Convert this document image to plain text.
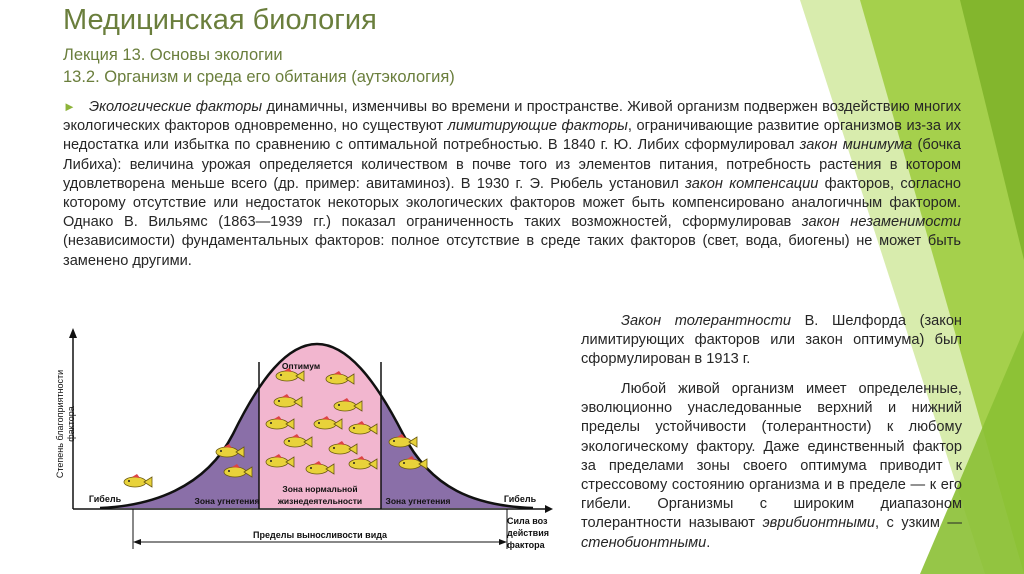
Медицинская биология
Лекция 13. Основы экологии
13.2. Организм и среда его обитания (аутэкология)

► Экологические факторы динамичны, изменчивы во времени и пространстве. Живой организм подвержен воздействию многих экологических факторов одновременно, но существуют лимитирующие факторы, ограничивающие развитие организмов из-за их недостатка или избытка по сравнению с оптимальной потребностью. В 1840 г. Ю. Либих сформулировал закон минимума (бочка Либиха): величина урожая определяется количеством в почве того из элементов питания, потребность растения в котором удовлетворена меньше всего (др. пример: авитаминоз). В 1930 г. Э. Рюбель установил закон компенсации факторов, согласно которому отсутствие или недостаток некоторых экологических факторов может быть компенсировано аналогичным фактором. Однако В. Вильямс (1863—1939 гг.) показал ограниченность таких возможностей, сформулировав закон незаменимости (независимости) фундаментальных факторов: полное отсутствие в среде таких факторов (свет, вода, биогены) не может быть заменено другими.

Закон толерантности В. Шелфорда (закон лимитирующих факторов или закон оптимума) был сформулирован в 1913 г.

Любой живой организм имеет определенные, эволюционно унаследованные верхний и нижний пределы устойчивости (толерантности) к любому экологическому фактору. Даже единственный фактор за пределами зоны своего оптимума приводит к стрессовому состоянию организма и в пределе — к его гибели. Организмы с широким диапазоном толерантности называют эврибионтными, с узким — стенобионтными.

Степень благоприятности фактора
Оптимум
Гибель	Гибель
Зона угнетения	Зона угнетения
Зона нормальной
жизнедеятельности
Пределы выносливости вида
Сила воз
действия
фактора
